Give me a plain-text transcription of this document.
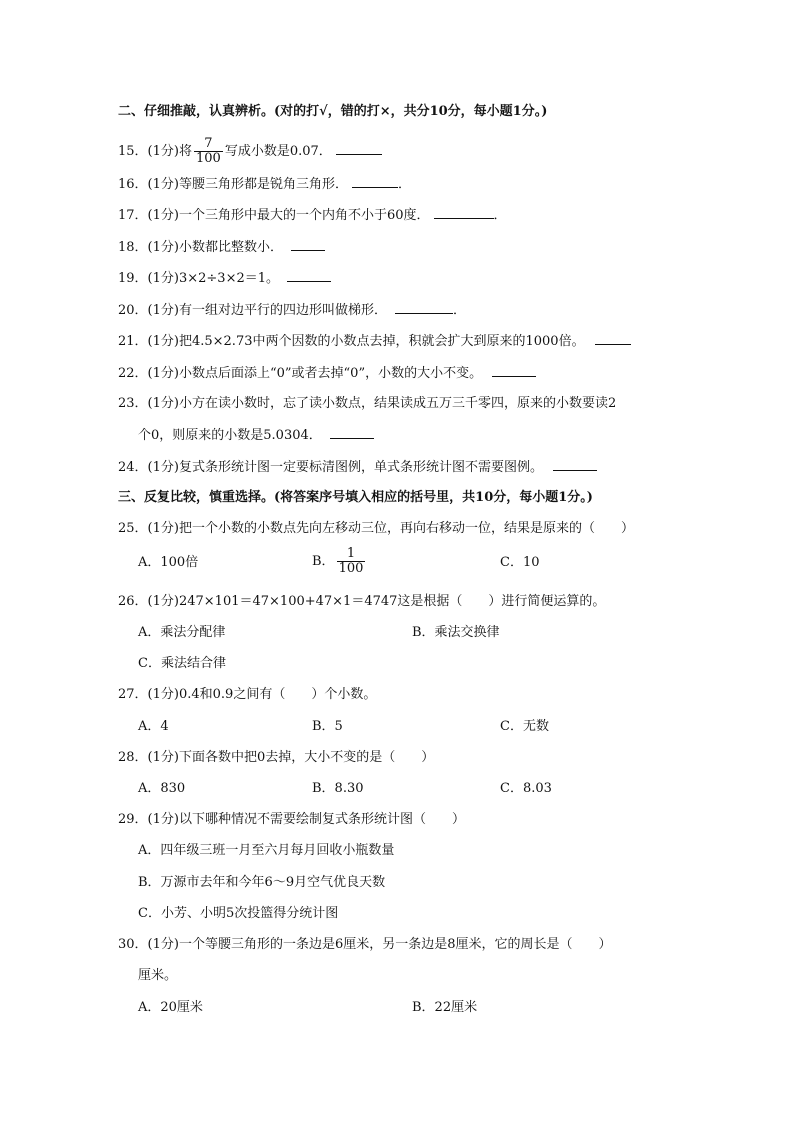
二、仔细推敲，认真辨析。(对的打√，错的打×，共分10分，每小题1分。)
15．(1分)将 $\frac{7}{100}$ 写成小数是0.07．
16．(1分)等腰三角形都是锐角三角形．	．
17．(1分)一个三角形中最大的一个内角不小于60度．	．
18．(1分)小数都比整数小．
19．(1分)3×2÷3×2＝1。
20．(1分)有一组对边平行的四边形叫做梯形．	．
21．(1分)把4.5×2.73中两个因数的小数点去掉，积就会扩大到原来的1000倍。
22．(1分)小数点后面添上“0”或者去掉“0”，小数的大小不变。
23．(1分)小方在读小数时，忘了读小数点，结果读成五万三千零四，原来的小数要读2
个0，则原来的小数是5.0304．
24．(1分)复式条形统计图一定要标清图例，单式条形统计图不需要图例。
三、反复比较，慎重选择。(将答案序号填入相应的括号里，共10分，每小题1分。)
25．(1分)把一个小数的小数点先向左移动三位，再向右移动一位，结果是原来的（　　）
A．100倍	B． $\frac{1}{100}$	C．10
26．(1分)247×101＝47×100+47×1＝4747这是根据（　　）进行简便运算的。
A．乘法分配律	B．乘法交换律
C．乘法结合律
27．(1分)0.4和0.9之间有（　　）个小数。
A．4	B．5	C．无数
28．(1分)下面各数中把0去掉，大小不变的是（　　）
A．830	B．8.30	C．8.03
29．(1分)以下哪种情况不需要绘制复式条形统计图（　　）
A．四年级三班一月至六月每月回收小瓶数量
B．万源市去年和今年6～9月空气优良天数
C．小芳、小明5次投篮得分统计图
30．(1分)一个等腰三角形的一条边是6厘米，另一条边是8厘米，它的周长是（　　）
厘米。
A．20厘米	B．22厘米
